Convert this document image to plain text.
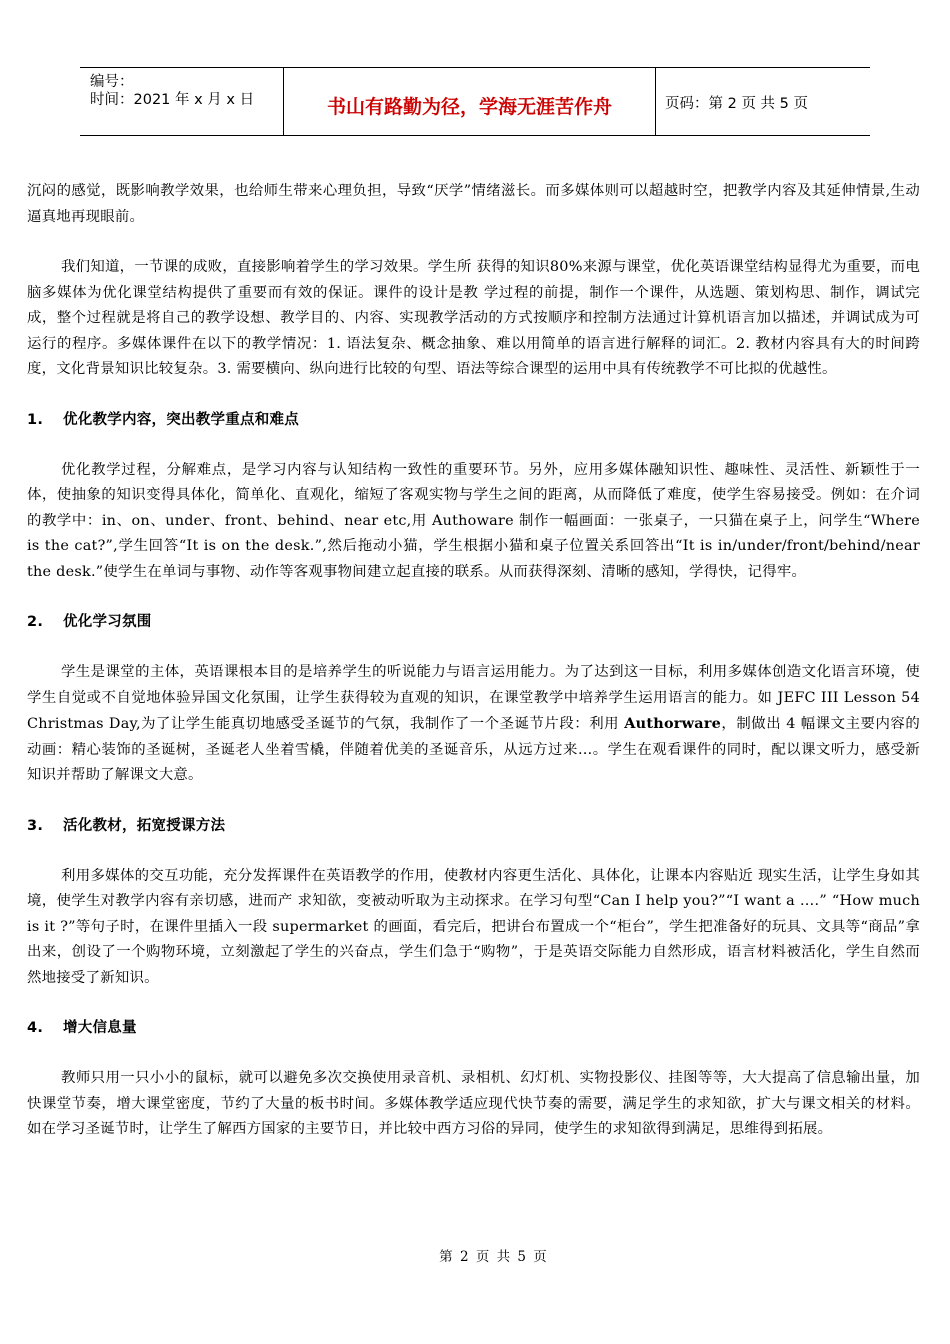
编号：
时间：2021 年 x 月 x 日	书山有路勤为径，学海无涯苦作舟	页码：第 2 页 共 5 页

沉闷的感觉，既影响教学效果，也给师生带来心理负担，导致“厌学”情绪滋长。而多媒体则可以超越时空，把教学内容及其延伸情景,生动逼真地再现眼前。

我们知道，一节课的成败，直接影响着学生的学习效果。学生所 获得的知识80%来源与课堂，优化英语课堂结构显得尤为重要，而电脑多媒体为优化课堂结构提供了重要而有效的保证。课件的设计是教 学过程的前提，制作一个课件，从选题、策划构思、制作，调试完成，整个过程就是将自己的教学设想、教学目的、内容、实现教学活动的方式按顺序和控制方法通过计算机语言加以描述，并调试成为可运行的程序。多媒体课件在以下的教学情况：1. 语法复杂、概念抽象、难以用简单的语言进行解释的词汇。2. 教材内容具有大的时间跨度，文化背景知识比较复杂。3. 需要横向、纵向进行比较的句型、语法等综合课型的运用中具有传统教学不可比拟的优越性。

1. 优化教学内容，突出教学重点和难点

优化教学过程，分解难点，是学习内容与认知结构一致性的重要环节。另外，应用多媒体融知识性、趣味性、灵活性、新颖性于一体，使抽象的知识变得具体化，简单化、直观化，缩短了客观实物与学生之间的距离，从而降低了难度，使学生容易接受。例如：在介词的教学中：in、on、under、front、behind、near etc,用 Authoware 制作一幅画面：一张桌子，一只猫在桌子上，问学生“Where is the cat?”,学生回答“It is on the desk.”,然后拖动小猫，学生根据小猫和桌子位置关系回答出“It is in/under/front/behind/near the desk.”使学生在单词与事物、动作等客观事物间建立起直接的联系。从而获得深刻、清晰的感知，学得快，记得牢。

2. 优化学习氛围

学生是课堂的主体，英语课根本目的是培养学生的听说能力与语言运用能力。为了达到这一目标，利用多媒体创造文化语言环境，使学生自觉或不自觉地体验异国文化氛围，让学生获得较为直观的知识，在课堂教学中培养学生运用语言的能力。如 JEFC III Lesson 54 Christmas Day,为了让学生能真切地感受圣诞节的气氛，我制作了一个圣诞节片段：利用 Authorware，制做出 4 幅课文主要内容的动画：精心装饰的圣诞树，圣诞老人坐着雪橇，伴随着优美的圣诞音乐，从远方过来…。学生在观看课件的同时，配以课文听力，感受新知识并帮助了解课文大意。

3. 活化教材，拓宽授课方法

利用多媒体的交互功能，充分发挥课件在英语教学的作用，使教材内容更生活化、具体化，让课本内容贴近 现实生活，让学生身如其境，使学生对教学内容有亲切感，进而产 求知欲，变被动听取为主动探求。在学习句型“Can I help you?”“I want a ….” “How much is it ?”等句子时，在课件里插入一段 supermarket 的画面，看完后，把讲台布置成一个“柜台”，学生把准备好的玩具、文具等“商品”拿出来，创设了一个购物环境，立刻激起了学生的兴奋点，学生们急于“购物”，于是英语交际能力自然形成，语言材料被活化，学生自然而然地接受了新知识。

4. 增大信息量

教师只用一只小小的鼠标，就可以避免多次交换使用录音机、录相机、幻灯机、实物投影仪、挂图等等，大大提高了信息输出量，加快课堂节奏，增大课堂密度，节约了大量的板书时间。多媒体教学适应现代快节奏的需要，满足学生的求知欲，扩大与课文相关的材料。如在学习圣诞节时，让学生了解西方国家的主要节日，并比较中西方习俗的异同，使学生的求知欲得到满足，思维得到拓展。

第 2 页 共 5 页
